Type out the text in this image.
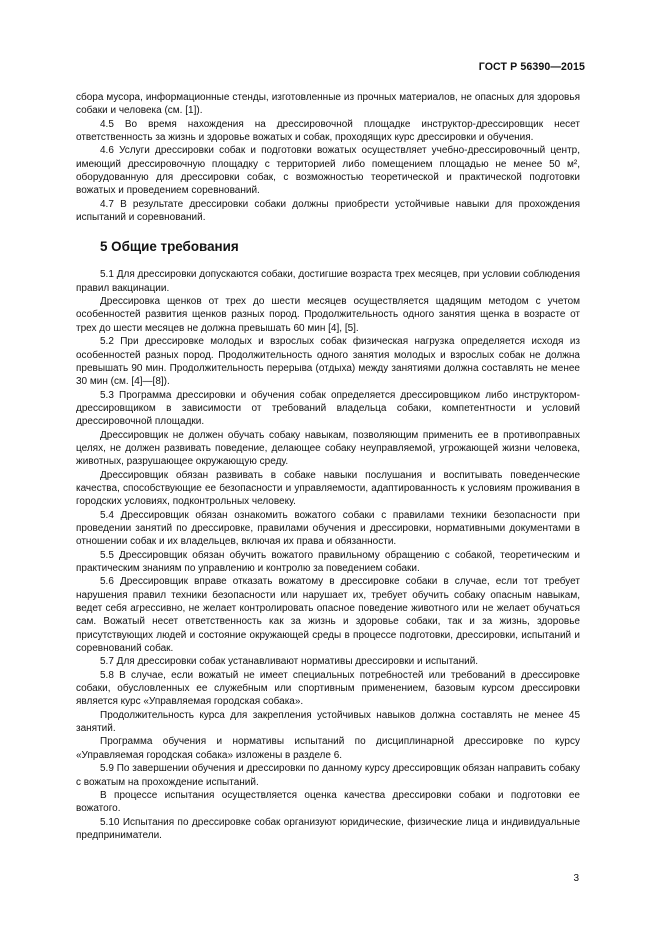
ГОСТ Р 56390—2015

сбора мусора, информационные стенды, изготовленные из прочных материалов, не опасных для здоровья собаки и человека (см. [1]).

4.5 Во время нахождения на дрессировочной площадке инструктор-дрессировщик несет ответственность за жизнь и здоровье вожатых и собак, проходящих курс дрессировки и обучения.

4.6 Услуги дрессировки собак и подготовки вожатых осуществляет учебно-дрессировочный центр, имеющий дрессировочную площадку с территорией либо помещением площадью не менее 50 м², оборудованную для дрессировки собак, с возможностью теоретической и практической подготовки вожатых и проведением соревнований.

4.7 В результате дрессировки собаки должны приобрести устойчивые навыки для прохождения испытаний и соревнований.

5 Общие требования

5.1 Для дрессировки допускаются собаки, достигшие возраста трех месяцев, при условии соблюдения правил вакцинации.

Дрессировка щенков от трех до шести месяцев осуществляется щадящим методом с учетом особенностей развития щенков разных пород. Продолжительность одного занятия щенка в возрасте от трех до шести месяцев не должна превышать 60 мин [4], [5].

5.2 При дрессировке молодых и взрослых собак физическая нагрузка определяется исходя из особенностей разных пород. Продолжительность одного занятия молодых и взрослых собак не должна превышать 90 мин. Продолжительность перерыва (отдыха) между занятиями должна составлять не менее 30 мин (см. [4]—[8]).

5.3 Программа дрессировки и обучения собак определяется дрессировщиком либо инструктором-дрессировщиком в зависимости от требований владельца собаки, компетентности и условий дрессировочной площадки.

Дрессировщик не должен обучать собаку навыкам, позволяющим применить ее в противоправных целях, не должен развивать поведение, делающее собаку неуправляемой, угрожающей жизни человека, животных, разрушающее окружающую среду.

Дрессировщик обязан развивать в собаке навыки послушания и воспитывать поведенческие качества, способствующие ее безопасности и управляемости, адаптированность к условиям проживания в городских условиях, подконтрольных человеку.

5.4 Дрессировщик обязан ознакомить вожатого собаки с правилами техники безопасности при проведении занятий по дрессировке, правилами обучения и дрессировки, нормативными документами в отношении собак и их владельцев, включая их права и обязанности.

5.5 Дрессировщик обязан обучить вожатого правильному обращению с собакой, теоретическим и практическим знаниям по управлению и контролю за поведением собаки.

5.6 Дрессировщик вправе отказать вожатому в дрессировке собаки в случае, если тот требует нарушения правил техники безопасности или нарушает их, требует обучить собаку опасным навыкам, ведет себя агрессивно, не желает контролировать опасное поведение животного или не желает обучаться сам. Вожатый несет ответственность как за жизнь и здоровье собаки, так и за жизнь, здоровье присутствующих людей и состояние окружающей среды в процессе подготовки, дрессировки, испытаний и соревнований собак.

5.7 Для дрессировки собак устанавливают нормативы дрессировки и испытаний.

5.8 В случае, если вожатый не имеет специальных потребностей или требований в дрессировке собаки, обусловленных ее служебным или спортивным применением, базовым курсом дрессировки является курс «Управляемая городская собака».

Продолжительность курса для закрепления устойчивых навыков должна составлять не менее 45 занятий.

Программа обучения и нормативы испытаний по дисциплинарной дрессировке по курсу «Управляемая городская собака» изложены в разделе 6.

5.9 По завершении обучения и дрессировки по данному курсу дрессировщик обязан направить собаку с вожатым на прохождение испытаний.

В процессе испытания осуществляется оценка качества дрессировки собаки и подготовки ее вожатого.

5.10 Испытания по дрессировке собак организуют юридические, физические лица и индивидуальные предприниматели.

3
